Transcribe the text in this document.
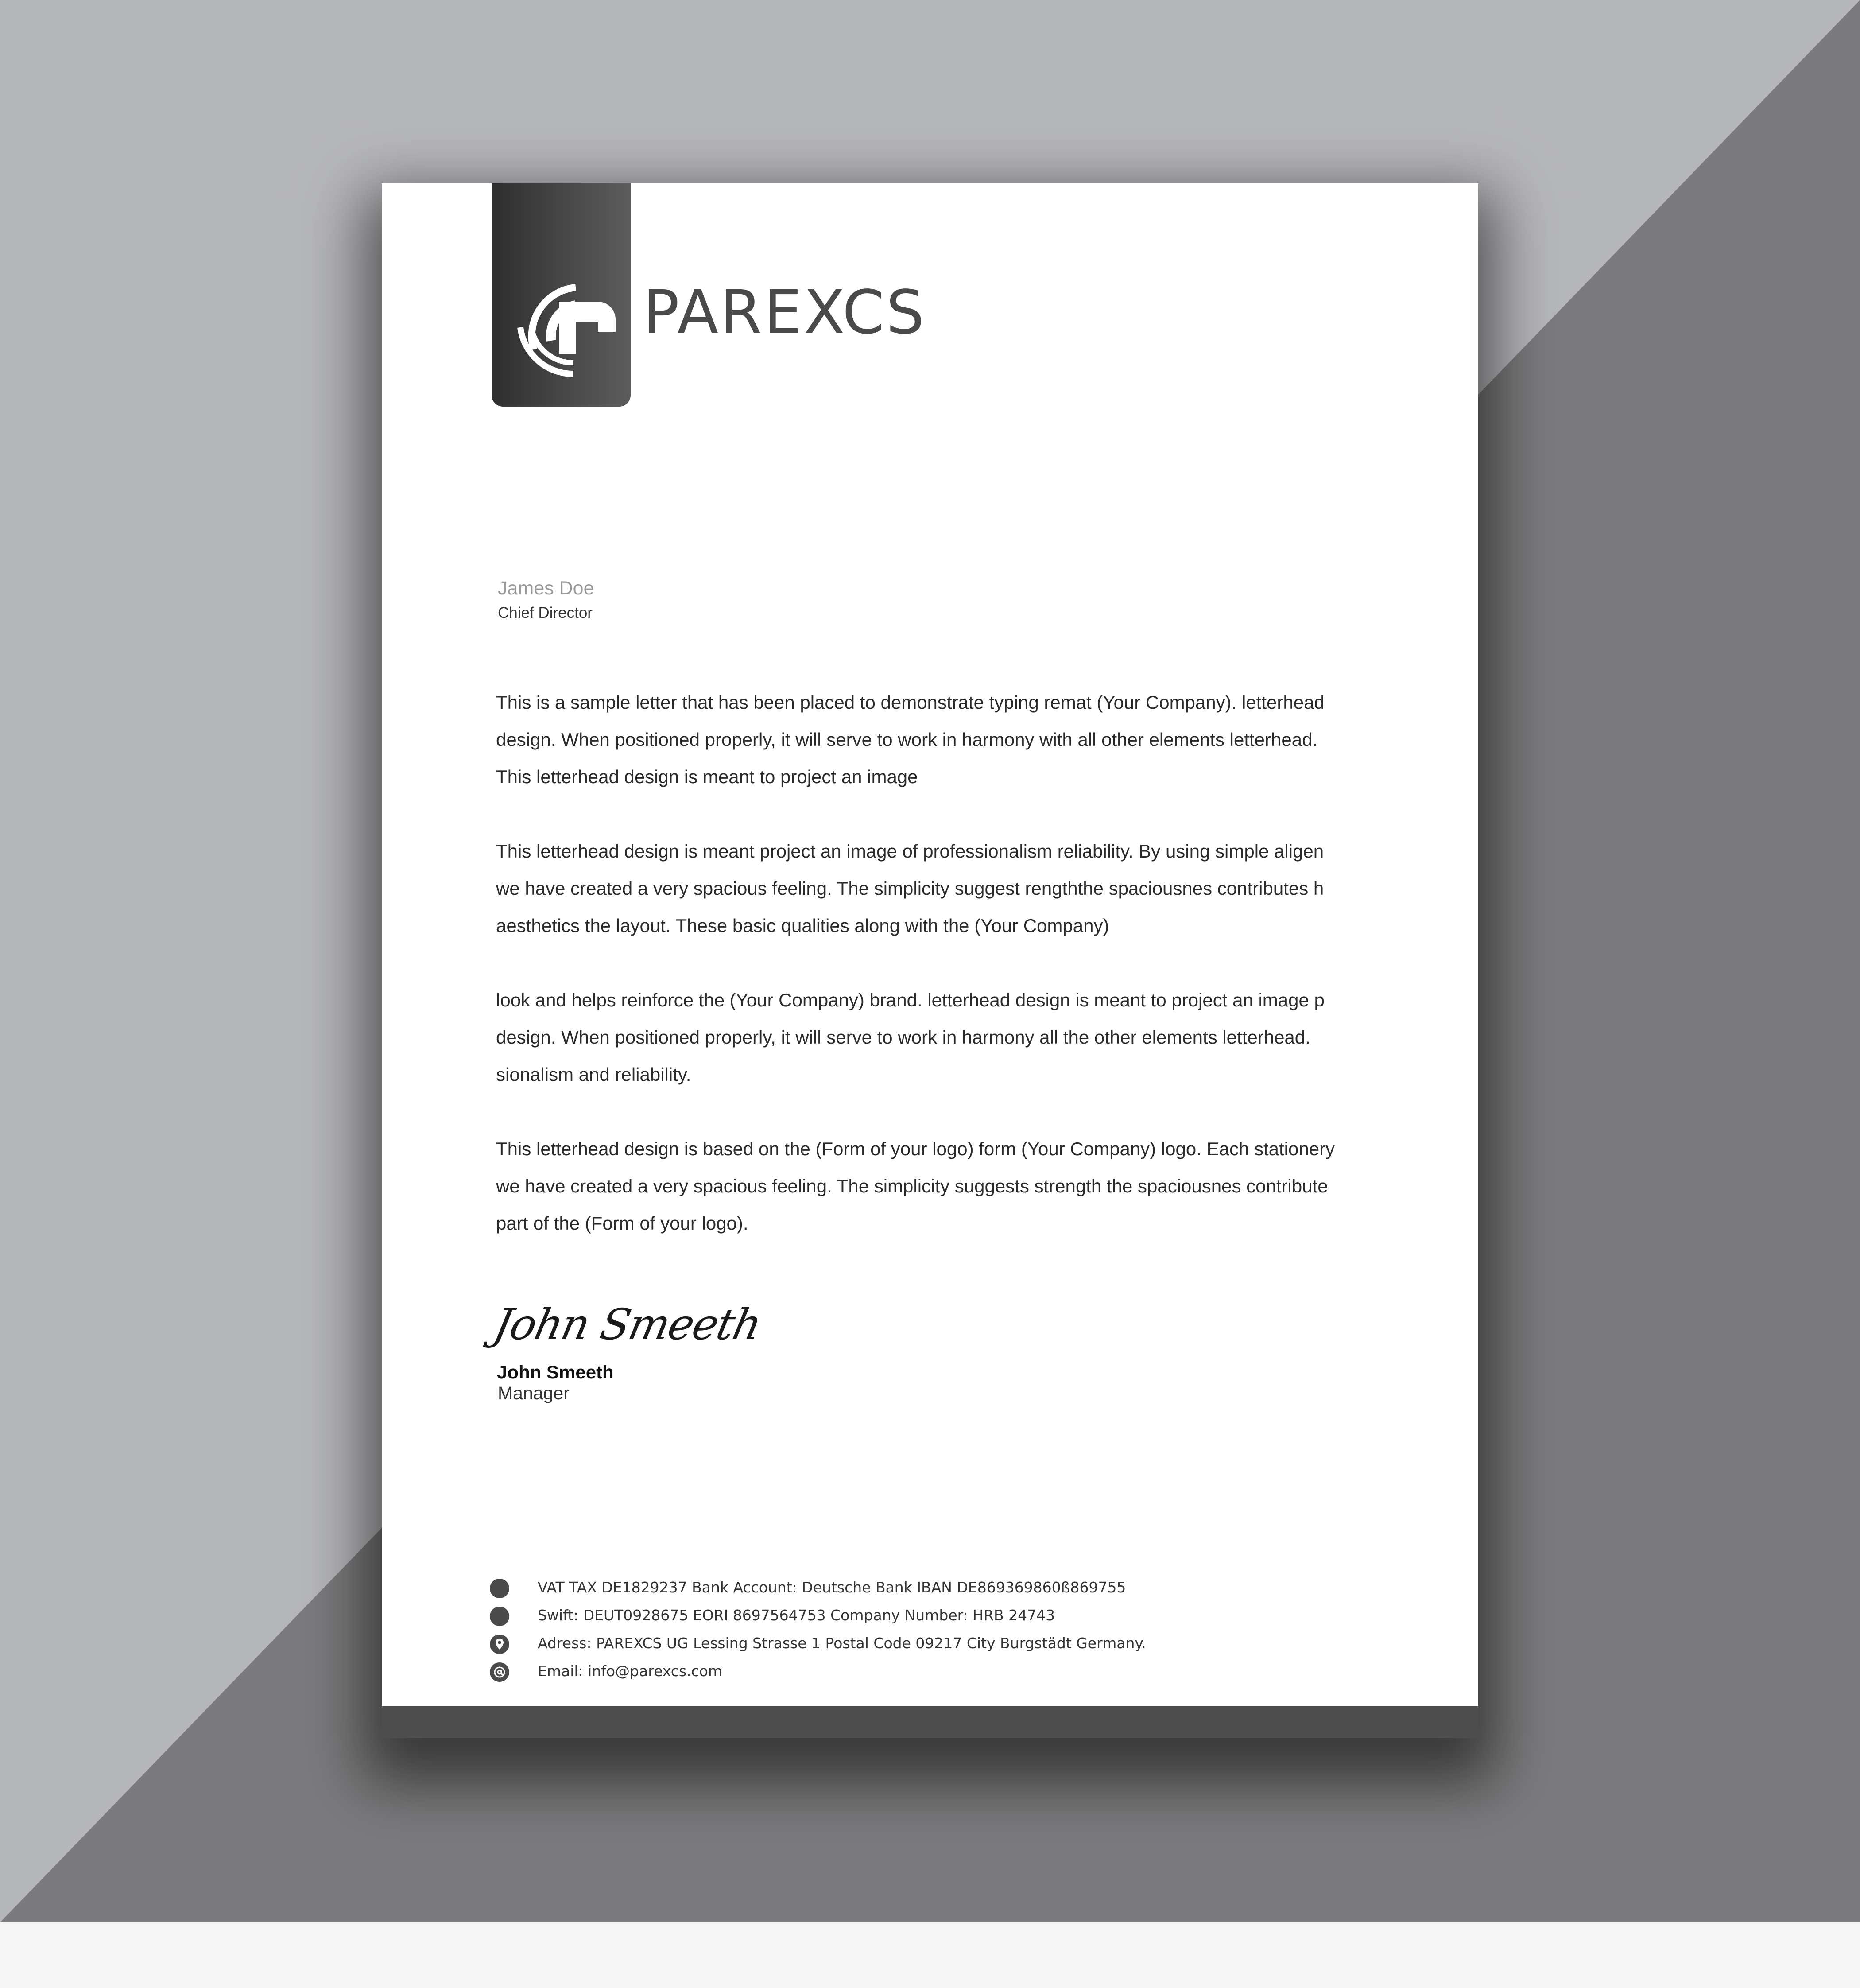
PAREXCS
James Doe
Chief Director
This is a sample letter that has been placed to demonstrate typing remat (Your Company). letterhead
design. When positioned properly, it will serve to work in harmony with all other elements letterhead.
This letterhead design is meant to project an image
This letterhead design is meant project an image of professionalism reliability. By using simple aligen
we have created a very spacious feeling. The simplicity suggest rengththe spaciousnes contributes h
aesthetics the layout. These basic qualities along with the (Your Company)
look and helps reinforce the (Your Company) brand. letterhead design is meant to project an image p
design. When positioned properly, it will serve to work in harmony all the other elements letterhead.
sionalism and reliability.
This letterhead design is based on the (Form of your logo) form (Your Company) logo. Each stationery
we have created a very spacious feeling. The simplicity suggests strength the spaciousnes contribute
part of the (Form of your logo).
John Smeeth
John Smeeth
Manager
VAT TAX DE1829237 Bank Account: Deutsche Bank IBAN DE869369860ß869755
Swift: DEUT0928675 EORI 8697564753 Company Number: HRB 24743
Adress: PAREXCS UG Lessing Strasse 1 Postal Code 09217 City Burgstädt Germany.
Email: info@parexcs.com
